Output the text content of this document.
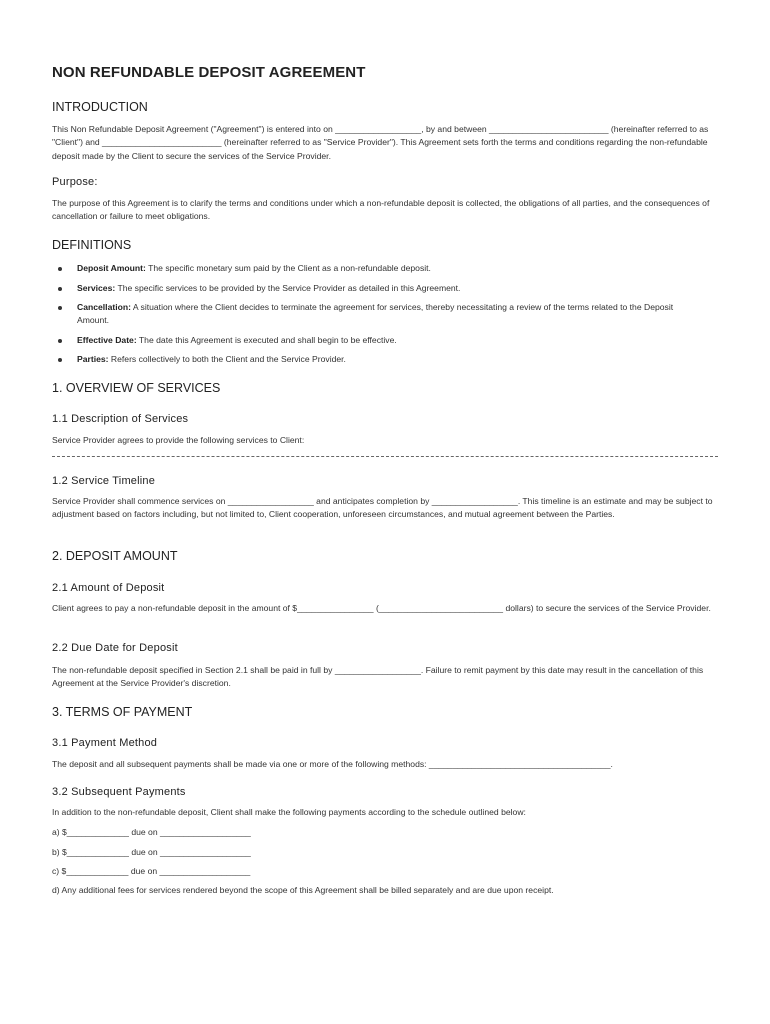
NON REFUNDABLE DEPOSIT AGREEMENT
INTRODUCTION

This Non Refundable Deposit Agreement ("Agreement") is entered into on __________________, by and between _________________________ (hereinafter referred to as "Client") and _________________________ (hereinafter referred to as "Service Provider"). This Agreement sets forth the terms and conditions regarding the non-refundable deposit made by the Client to secure the services of the Service Provider.

Purpose:

The purpose of this Agreement is to clarify the terms and conditions under which a non-refundable deposit is collected, the obligations of all parties, and the consequences of cancellation or failure to meet obligations.

DEFINITIONS
Deposit Amount: The specific monetary sum paid by the Client as a non-refundable deposit.
Services: The specific services to be provided by the Service Provider as detailed in this Agreement.
Cancellation: A situation where the Client decides to terminate the agreement for services, thereby necessitating a review of the terms related to the Deposit Amount.
Effective Date: The date this Agreement is executed and shall begin to be effective.
Parties: Refers collectively to both the Client and the Service Provider.
1. OVERVIEW OF SERVICES
1.1 Description of Services

Service Provider agrees to provide the following services to Client:

1.2 Service Timeline

Service Provider shall commence services on __________________ and anticipates completion by __________________. This timeline is an estimate and may be subject to adjustment based on factors including, but not limited to, Client cooperation, unforeseen circumstances, and mutual agreement between the Parties.

2. DEPOSIT AMOUNT
2.1 Amount of Deposit

Client agrees to pay a non-refundable deposit in the amount of $________________ (__________________________ dollars) to secure the services of the Service Provider.

2.2 Due Date for Deposit

The non-refundable deposit specified in Section 2.1 shall be paid in full by __________________. Failure to remit payment by this date may result in the cancellation of this Agreement at the Service Provider's discretion.

3. TERMS OF PAYMENT
3.1 Payment Method

The deposit and all subsequent payments shall be made via one or more of the following methods: ______________________________________.

3.2 Subsequent Payments

In addition to the non-refundable deposit, Client shall make the following payments according to the schedule outlined below:

a) $_____________ due on ___________________

b) $_____________ due on ___________________

c) $_____________ due on ___________________

d) Any additional fees for services rendered beyond the scope of this Agreement shall be billed separately and are due upon receipt.
